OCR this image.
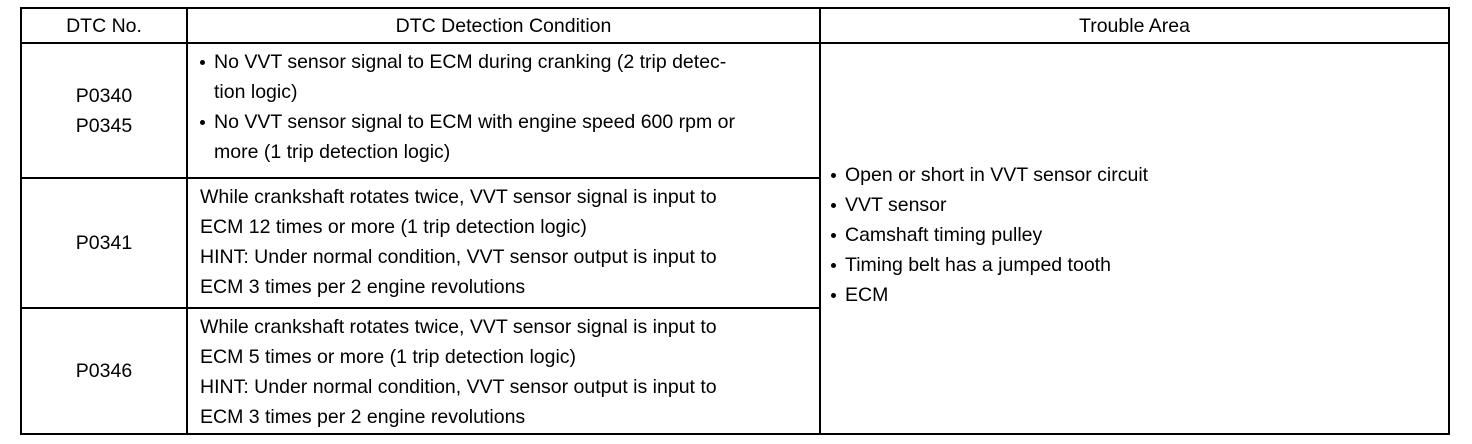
DTC No.	DTC Detection Condition	Trouble Area
P0340
P0345
No VVT sensor signal to ECM during cranking (2 trip detec-
tion logic)
No VVT sensor signal to ECM with engine speed 600 rpm or
more (1 trip detection logic)
P0341
While crankshaft rotates twice, VVT sensor signal is input to
ECM 12 times or more (1 trip detection logic)
HINT: Under normal condition, VVT sensor output is input to
ECM 3 times per 2 engine revolutions
P0346
While crankshaft rotates twice, VVT sensor signal is input to
ECM 5 times or more (1 trip detection logic)
HINT: Under normal condition, VVT sensor output is input to
ECM 3 times per 2 engine revolutions
Open or short in VVT sensor circuit
VVT sensor
Camshaft timing pulley
Timing belt has a jumped tooth
ECM
